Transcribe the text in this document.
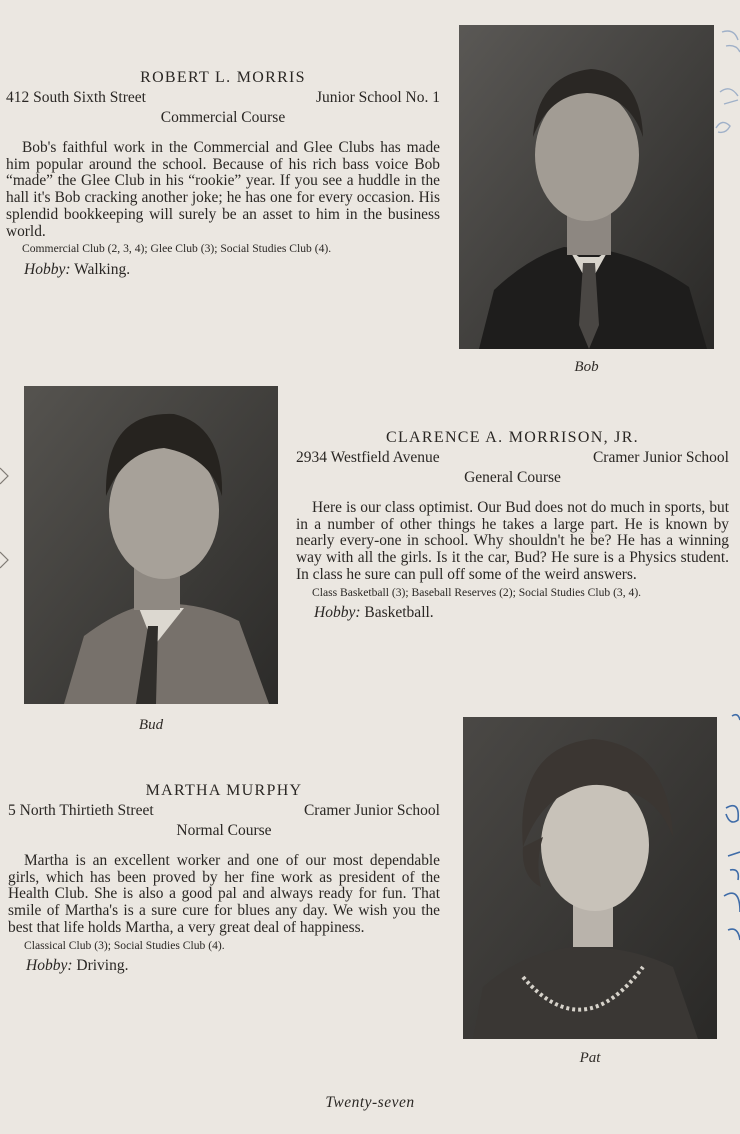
ROBERT L. MORRIS
412 South Sixth Street	Junior School No. 1
Commercial Course

Bob's faithful work in the Commercial and Glee Clubs has made him popular around the school. Because of his rich bass voice Bob “made” the Glee Club in his “rookie” year. If you see a huddle in the hall it's Bob cracking another joke; he has one for every occasion. His splendid bookkeeping will surely be an asset to him in the business world.

Commercial Club (2, 3, 4); Glee Club (3); Social Studies Club (4).
Hobby: Walking.
Bob
Bud
CLARENCE A. MORRISON, JR.
2934 Westfield Avenue	Cramer Junior School
General Course

Here is our class optimist. Our Bud does not do much in sports, but in a number of other things he takes a large part. He is known by nearly every-one in school. Why shouldn't he be? He has a winning way with all the girls. Is it the car, Bud? He sure is a Physics student. In class he sure can pull off some of the weird answers.

Class Basketball (3); Baseball Reserves (2); Social Studies Club (3, 4).
Hobby: Basketball.
MARTHA MURPHY
5 North Thirtieth Street	Cramer Junior School
Normal Course

Martha is an excellent worker and one of our most dependable girls, which has been proved by her fine work as president of the Health Club. She is also a good pal and always ready for fun. That smile of Martha's is a sure cure for blues any day. We wish you the best that life holds Martha, a very great deal of happiness.

Classical Club (3); Social Studies Club (4).
Hobby: Driving.
Pat
Twenty-seven
